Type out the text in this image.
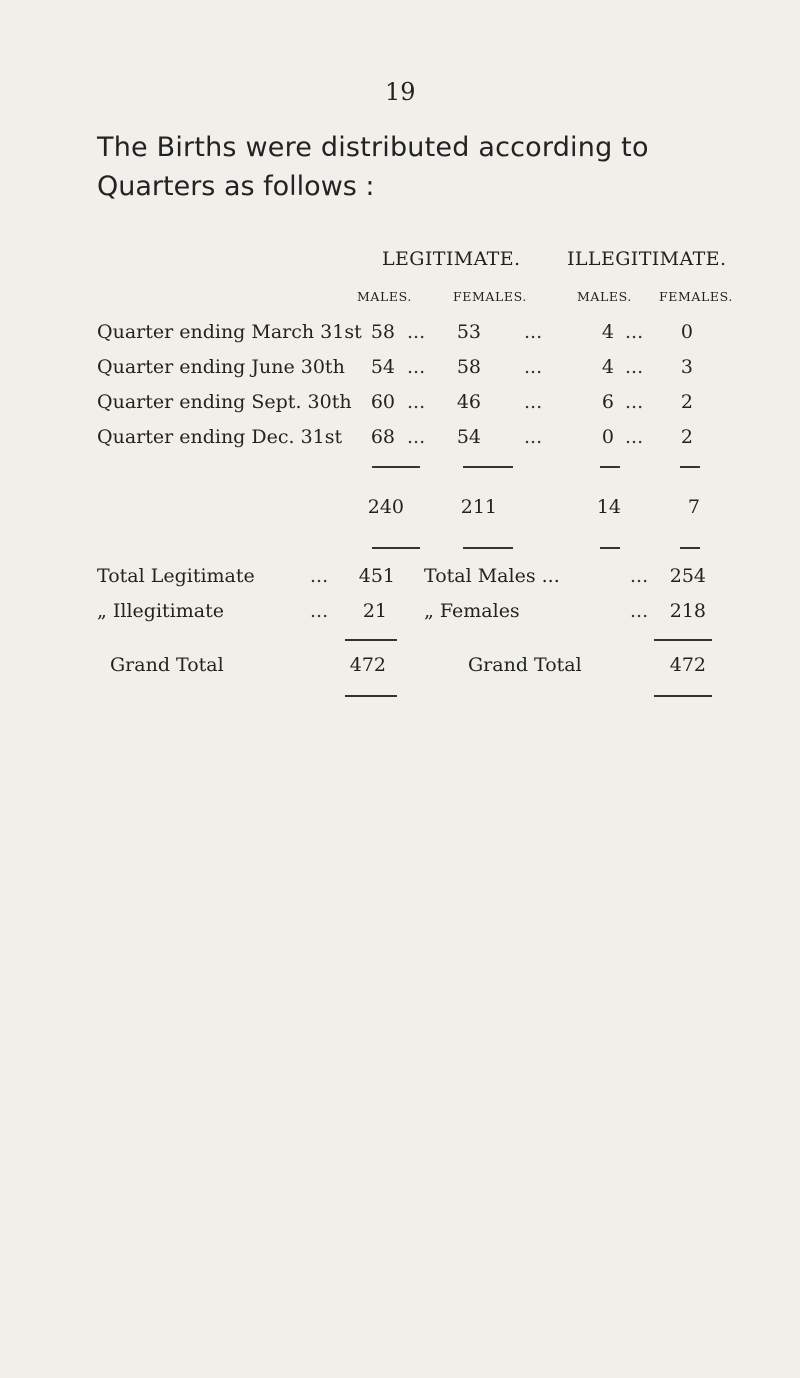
19
The Births were distributed according to
Quarters as follows :
LEGITIMATE. ILLEGITIMATE.
MALES.	FEMALES.	MALES. FEMALES.
Quarter ending March 31st 58 ...	53 ...	4 ...	0
Quarter ending June 30th	54 ...	58 ...	4 ...	3
Quarter ending Sept. 30th	60 ...	46 ...	6 ...	2
Quarter ending Dec. 31st	68 ...	54 ...	0 ...	2
240	211	14	7
Total Legitimate	... 451 Total Males ...	... 254
„ Illegitimate	...	21 „ Females	... 218
Grand Total	472	Grand Total	472
